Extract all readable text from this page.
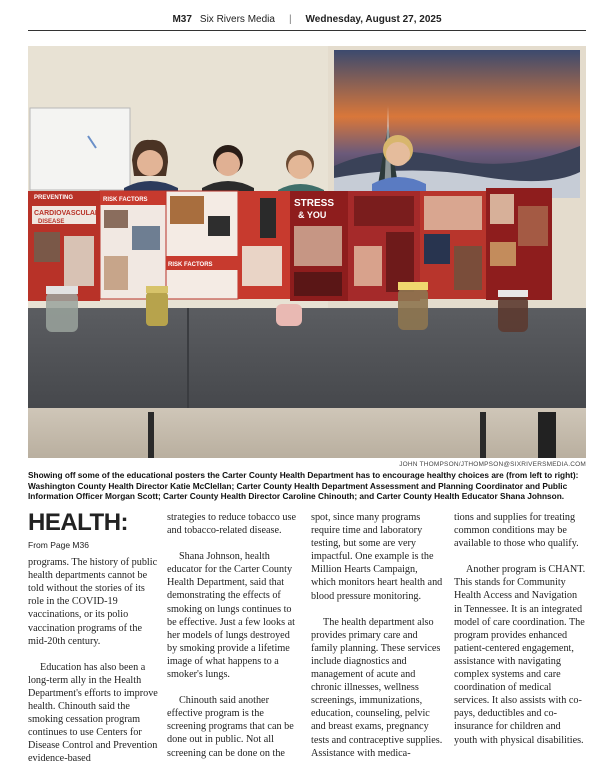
M37 Six Rivers Media | Wednesday, August 27, 2025
PREVENTING
CARDIOVASCULAR
DISEASE
RISK FACTORS
RISK FACTORS
STRESS
& YOU
JOHN THOMPSON/JTHOMPSON@SIXRIVERSMEDIA.COM
Showing off some of the educational posters the Carter County Health Department has to encourage healthy choices are (from left to right): Washington County Health Director Katie McClellan; Carter County Health Department Assessment and Planning Coordinator and Public Information Officer Morgan Scott; Carter County Health Director Caroline Chinouth; and Carter County Health Educator Shana Johnson.
HEALTH:
From Page M36

programs. The history of public health departments cannot be told without the stories of its role in the COVID-19 vaccinations, or its polio vaccination programs of the mid-20th century.

Education has also been a long-term ally in the Health Department's efforts to improve health. Chinouth said the smoking cessation program continues to use Centers for Disease Control and Prevention evidence-based

strategies to reduce tobacco use and tobacco-related disease.

Shana Johnson, health educator for the Carter County Health Department, said that demonstrating the effects of smoking on lungs continues to be effective. Just a few looks at her models of lungs destroyed by smoking provide a lifetime image of what happens to a smoker's lungs.

Chinouth said another effective program is the screening programs that can be done out in public. Not all screening can be done on the

spot, since many programs require time and laboratory testing, but some are very impactful. One example is the Million Hearts Campaign, which monitors heart health and blood pressure monitoring.

The health department also provides primary care and family planning. These services include diagnostics and management of acute and chronic illnesses, wellness screenings, immunizations, education, counseling, pelvic and breast exams, pregnancy tests and contraceptive supplies. Assistance with medica-

tions and supplies for treating common conditions may be available to those who qualify.

Another program is CHANT. This stands for Community Health Access and Navigation in Tennessee. It is an integrated model of care coordination. The program provides enhanced patient-centered engagement, assistance with navigating complex systems and care coordination of medical services. It also assists with co-pays, deductibles and co-insurance for children and youth with physical disabilities.
